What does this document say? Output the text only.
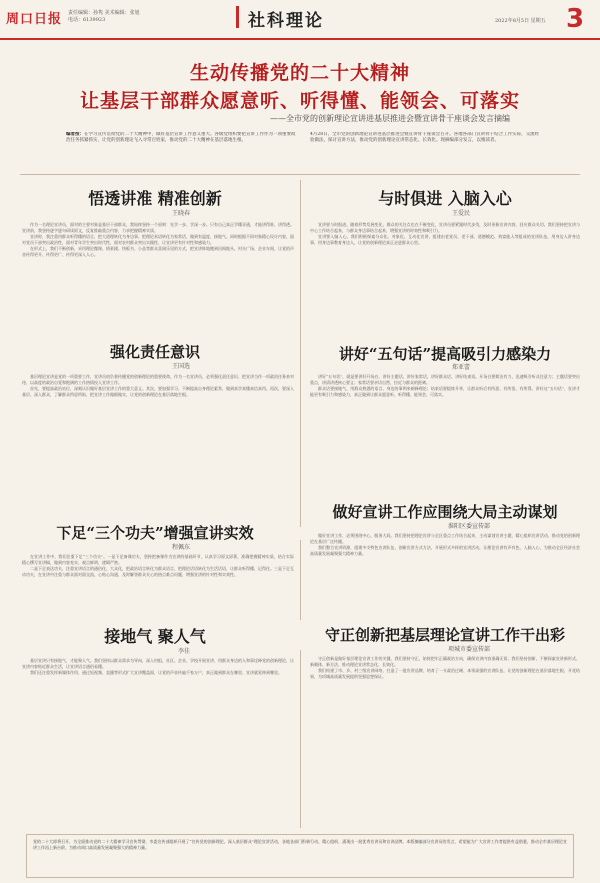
周口日报 责任编辑：孙隽 美术编辑：张旭
电话：6139923	社科理论	2022年8月5日 星期五 3
生动传播党的二十大精神
让基层干部群众愿意听、听得懂、能领会、可落实
——全市党的创新理论宣讲进基层推进会暨宣讲骨干座谈会发言摘编
编者按：在学习宣传贯彻党的二十大精神中，做好基层宣讲工作意义重大。各级党组织要把宣讲工作作为一项重要政治任务抓紧抓实，让党的创新理论飞入寻常百姓家，推动党的二十大精神在基层落地生根。
4月28日，全市党的创新理论宣讲进基层推进会暨宣讲骨干座谈会召开。各地各部门宣讲骨干结合工作实际，交流经验做法，探讨宣讲方法，推动党的创新理论宣讲常态化、长效化。现摘编部分发言，以飨读者。
悟透讲准 精准创新
王晓春

作为一名理论宣讲员，面对的主要对象是基层干部群众，我始终坚持一个原则：先学一步、学深一步。只有自己真正学懂弄通，才能讲得准、讲得透。宣讲前，我坚持逐字逐句研读原文，反复推敲重点内容，力求把握精神实质。

宣讲时，我注重用群众听得懂的语言，把大道理转化为身边事，把理论术语转化为家常话，做到有温度、接地气。同时根据不同对象精心设计内容，面对党员干部突出政治性，面对青年学生突出时代性，面对农村群众突出实践性，让宣讲更有针对性和感染力。

在形式上，我们不断创新，采用理论微课、情景剧、快板书、小品等群众喜闻乐见的方式，把宣讲阵地搬到田间地头、村头广场、企业车间，让党的声音传得更开、传得更广、传得更深入人心。

与时俱进 入脑入心
王爱民

宣讲要与时俱进。随着形势发展变化，群众的关注点也在不断变化，宣讲员要紧跟时代步伐，及时更新宣讲内容，回应群众关切。我们坚持把宣讲与中心工作结合起来，与群众身边事结合起来，增强宣讲的时效性和吸引力。

宣讲要入脑入心。我们积极探索分众化、对象化、互动化宣讲，组建由老党员、老干部、道德模范、致富能人等组成的宣讲队伍，用身边人讲身边事，用身边事教育身边人，让党的创新理论真正走进群众心里。

强化责任意识
王国选

基层理论宣讲是党的一项重要工作，宣讲员肩负着传播党的创新理论的重要使命。作为一名宣讲员，必须强化责任意识，把宣讲当作一项政治任务来对待，以高度的政治自觉和饱满的工作热情投入宣讲工作。

首先，要提高政治站位，深刻认识做好基层宣讲工作的重大意义。其次，要加强学习，不断提高自身理论素养，做到真学真懂真信真用。再次，要深入基层、深入群众，了解群众所思所盼，把宣讲工作做细做实，让党的创新理论在基层落地生根。

讲好“五句话”提高吸引力感染力
郑亚蕾

讲好“五句话”，就是要讲好开场白、讲好主题话、讲好家常话、讲好群众话、讲好结束语。开场白要简洁有力，迅速吸引听众注意力；主题话要突出重点，讲清讲透核心要义；家常话要亲切自然，拉近与群众的距离。

群众话要接地气，用群众熟悉的语言、身边的事例来阐释理论；结束语要提炼升华，让群众听后有所思、有所悟、有所得。讲好这“五句话”，宣讲才能更有吸引力和感染力，真正做到让群众愿意听、听得懂、能领会、可落实。

下足“三个功夫”增强宣讲实效
程佩东

在宣讲工作中，我们注重下足“三个功夫”。一是下足备课功夫，坚持把备课作为宣讲的基础环节，认真学习原文原著，准确把握精神实质，结合实际精心撰写宣讲稿，做到内容充实、观点鲜明、逻辑严密。

二是下足表达功夫，注重宣讲语言的通俗化、大众化，把政治语言转化为群众语言，把理论话语转化为生活话语，让群众听得懂、记得住。三是下足互动功夫，在宣讲中注重与群众面对面交流、心贴心沟通，及时解答群众关心的热点难点问题，增强宣讲的针对性和实效性。

做好宣讲工作应围绕大局主动谋划
淮阳区委宣传部

做好宣讲工作，必须围绕中心、服务大局。我们坚持把理论宣讲与全区重点工作结合起来，主动谋划宣讲主题，精心组织宣讲活动，推动党的创新理论在基层广泛传播。

我们整合宣讲资源，组建多支特色宣讲队伍，创新宣讲方式方法，开展形式多样的宣讲活动，让理论宣讲有声有色、入脑入心，为推动全区经济社会高质量发展凝聚强大精神力量。

接地气 聚人气
李佳

基层宣讲只有接地气，才能聚人气。我们坚持以群众需求为导向，深入村组、社区、企业、学校开展宣讲，用群众身边的人和事诠释党的创新理论，让宣讲内容贴近群众生活，让宣讲语言通俗易懂。

我们还注重发挥新媒体作用，通过短视频、直播等形式扩大宣讲覆盖面，让党的声音传遍千家万户，真正做到群众在哪里、宣讲就延伸到哪里。

守正创新把基层理论宣讲工作干出彩
项城市委宣传部

守正创新是做好基层理论宣讲工作的关键。我们坚持守正，始终把牢正确政治方向，确保宣讲内容准确无误；我们坚持创新，不断探索宣讲新形式、新载体、新方法，推动理论宣讲常态化、长效化。

我们构建了市、乡、村三级宣讲网络，打造了一批宣讲品牌，培育了一支政治过硬、本领高强的宣讲队伍，让党的创新理论在基层落地生根、开花结果，为项城高质量发展提供坚强思想保证。

党的二十大即将召开，为全面推动党的二十大精神学习宣传贯彻，市委宣传部组织开展了“宣传党的创新理论、深入基层群众”理论宣讲活动，各地各部门积极行动、精心组织，涌现出一批优秀宣讲员和宣讲品牌。本版摘编部分宣讲员的发言，希望能为广大宣讲工作者提供有益借鉴，推动全市基层理论宣讲工作再上新台阶，为推动周口高质量发展凝聚强大的精神力量。
